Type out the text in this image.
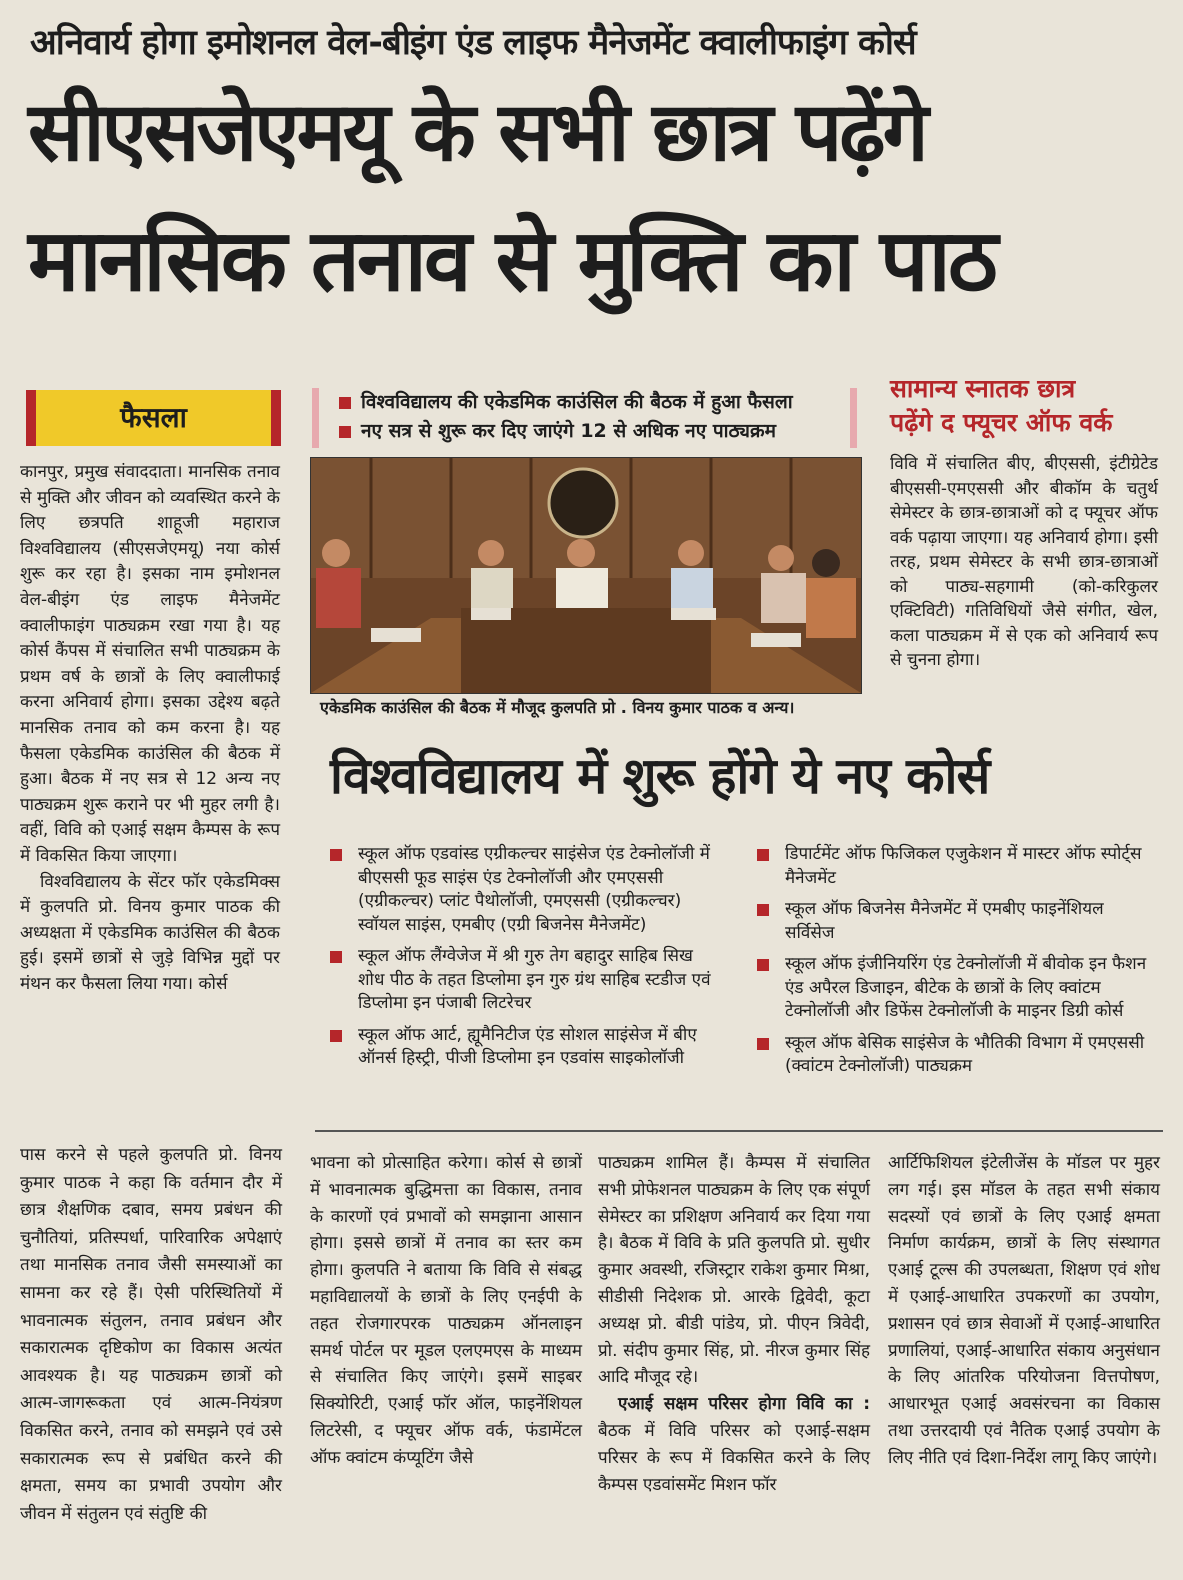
अनिवार्य होगा इमोशनल वेल-बीइंग एंड लाइफ मैनेजमेंट क्वालीफाइंग कोर्स
सीएसजेएमयू के सभी छात्र पढ़ेंगे
मानसिक तनाव से मुक्ति का पाठ
फैसला	विश्वविद्यालय की एकेडमिक काउंसिल की बैठक में हुआ फैसला
नए सत्र से शुरू कर दिए जाएंगे 12 से अधिक नए पाठ्यक्रम
एकेडमिक काउंसिल की बैठक में मौजूद कुलपति प्रो . विनय कुमार पाठक व अन्य।
सामान्य स्नातक छात्र
पढ़ेंगे द फ्यूचर ऑफ वर्क

विवि में संचालित बीए, बीएससी, इंटीग्रेटेड बीएससी-एमएससी और बीकॉम के चतुर्थ सेमेस्टर के छात्र-छात्राओं को द फ्यूचर ऑफ वर्क पढ़ाया जाएगा। यह अनिवार्य होगा। इसी तरह, प्रथम सेमेस्टर के सभी छात्र-छात्राओं को पाठ्य-सहगामी (को-करिकुलर एक्टिविटी) गतिविधियों जैसे संगीत, खेल, कला पाठ्यक्रम में से एक को अनिवार्य रूप से चुनना होगा।

कानपुर, प्रमुख संवाददाता। मानसिक तनाव से मुक्ति और जीवन को व्यवस्थित करने के लिए छत्रपति शाहूजी महाराज विश्वविद्यालय (सीएसजेएमयू) नया कोर्स शुरू कर रहा है। इसका नाम इमोशनल वेल-बीइंग एंड लाइफ मैनेजमेंट क्वालीफाइंग पाठ्यक्रम रखा गया है। यह कोर्स कैंपस में संचालित सभी पाठ्यक्रम के प्रथम वर्ष के छात्रों के लिए क्वालीफाई करना अनिवार्य होगा। इसका उद्देश्य बढ़ते मानसिक तनाव को कम करना है। यह फैसला एकेडमिक काउंसिल की बैठक में हुआ। बैठक में नए सत्र से 12 अन्य नए पाठ्यक्रम शुरू कराने पर भी मुहर लगी है। वहीं, विवि को एआई सक्षम कैम्पस के रूप में विकसित किया जाएगा।

विश्वविद्यालय के सेंटर फॉर एकेडमिक्स में कुलपति प्रो. विनय कुमार पाठक की अध्यक्षता में एकेडमिक काउंसिल की बैठक हुई। इसमें छात्रों से जुड़े विभिन्न मुद्दों पर मंथन कर फैसला लिया गया। कोर्स

पास करने से पहले कुलपति प्रो. विनय कुमार पाठक ने कहा कि वर्तमान दौर में छात्र शैक्षणिक दबाव, समय प्रबंधन की चुनौतियां, प्रतिस्पर्धा, पारिवारिक अपेक्षाएं तथा मानसिक तनाव जैसी समस्याओं का सामना कर रहे हैं। ऐसी परिस्थितियों में भावनात्मक संतुलन, तनाव प्रबंधन और सकारात्मक दृष्टिकोण का विकास अत्यंत आवश्यक है। यह पाठ्यक्रम छात्रों को आत्म-जागरूकता एवं आत्म-नियंत्रण विकसित करने, तनाव को समझने एवं उसे सकारात्मक रूप से प्रबंधित करने की क्षमता, समय का प्रभावी उपयोग और जीवन में संतुलन एवं संतुष्टि की

विश्वविद्यालय में शुरू होंगे ये नए कोर्स
स्कूल ऑफ एडवांस्ड एग्रीकल्चर साइंसेज एंड टेक्नोलॉजी में बीएससी फूड साइंस एंड टेक्नोलॉजी और एमएससी (एग्रीकल्चर) प्लांट पैथोलॉजी, एमएससी (एग्रीकल्चर) स्वॉयल साइंस, एमबीए (एग्री बिजनेस मैनेजमेंट)
स्कूल ऑफ लैंग्वेजेज में श्री गुरु तेग बहादुर साहिब सिख शोध पीठ के तहत डिप्लोमा इन गुरु ग्रंथ साहिब स्टडीज एवं डिप्लोमा इन पंजाबी लिटरेचर
स्कूल ऑफ आर्ट, ह्यूमैनिटीज एंड सोशल साइंसेज में बीए ऑनर्स हिस्ट्री, पीजी डिप्लोमा इन एडवांस साइकोलॉजी
डिपार्टमेंट ऑफ फिजिकल एजुकेशन में मास्टर ऑफ स्पोर्ट्स मैनेजमेंट
स्कूल ऑफ बिजनेस मैनेजमेंट में एमबीए फाइनेंशियल सर्विसेज
स्कूल ऑफ इंजीनियरिंग एंड टेक्नोलॉजी में बीवोक इन फैशन एंड अपैरल डिजाइन, बीटेक के छात्रों के लिए क्वांटम टेक्नोलॉजी और डिफेंस टेक्नोलॉजी के माइनर डिग्री कोर्स
स्कूल ऑफ बेसिक साइंसेज के भौतिकी विभाग में एमएससी (क्वांटम टेक्नोलॉजी) पाठ्यक्रम

भावना को प्रोत्साहित करेगा। कोर्स से छात्रों में भावनात्मक बुद्धिमत्ता का विकास, तनाव के कारणों एवं प्रभावों को समझाना आसान होगा। इससे छात्रों में तनाव का स्तर कम होगा। कुलपति ने बताया कि विवि से संबद्ध महाविद्यालयों के छात्रों के लिए एनईपी के तहत रोजगारपरक पाठ्यक्रम ऑनलाइन समर्थ पोर्टल पर मूडल एलएमएस के माध्यम से संचालित किए जाएंगे। इसमें साइबर सिक्योरिटी, एआई फॉर ऑल, फाइनेंशियल लिटरेसी, द फ्यूचर ऑफ वर्क, फंडामेंटल ऑफ क्वांटम कंप्यूटिंग जैसे

पाठ्यक्रम शामिल हैं। कैम्पस में संचालित सभी प्रोफेशनल पाठ्यक्रम के लिए एक संपूर्ण सेमेस्टर का प्रशिक्षण अनिवार्य कर दिया गया है। बैठक में विवि के प्रति कुलपति प्रो. सुधीर कुमार अवस्थी, रजिस्ट्रार राकेश कुमार मिश्रा, सीडीसी निदेशक प्रो. आरके द्विवेदी, कूटा अध्यक्ष प्रो. बीडी पांडेय, प्रो. पीएन त्रिवेदी, प्रो. संदीप कुमार सिंह, प्रो. नीरज कुमार सिंह आदि मौजूद रहे।

एआई सक्षम परिसर होगा विवि का : बैठक में विवि परिसर को एआई-सक्षम परिसर के रूप में विकसित करने के लिए कैम्पस एडवांसमेंट मिशन फॉर

आर्टिफिशियल इंटेलीजेंस के मॉडल पर मुहर लग गई। इस मॉडल के तहत सभी संकाय सदस्यों एवं छात्रों के लिए एआई क्षमता निर्माण कार्यक्रम, छात्रों के लिए संस्थागत एआई टूल्स की उपलब्धता, शिक्षण एवं शोध में एआई-आधारित उपकरणों का उपयोग, प्रशासन एवं छात्र सेवाओं में एआई-आधारित प्रणालियां, एआई-आधारित संकाय अनुसंधान के लिए आंतरिक परियोजना वित्तपोषण, आधारभूत एआई अवसंरचना का विकास तथा उत्तरदायी एवं नैतिक एआई उपयोग के लिए नीति एवं दिशा-निर्देश लागू किए जाएंगे।
